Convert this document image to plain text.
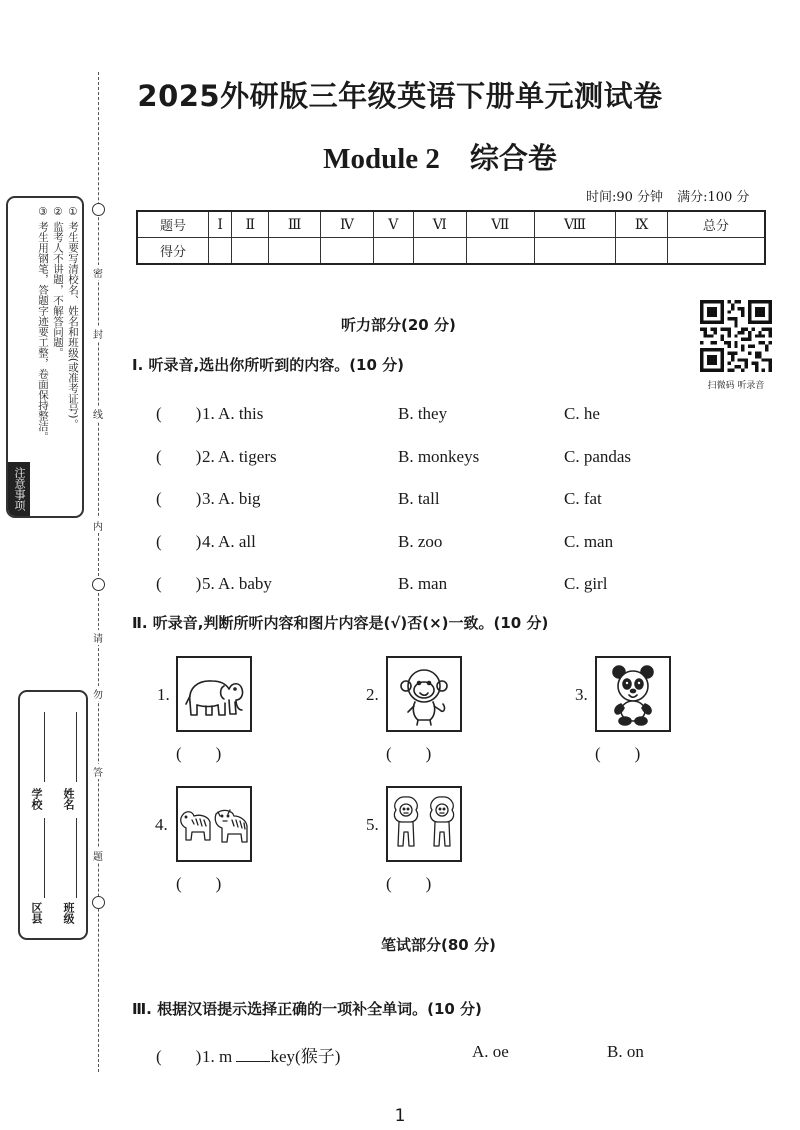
密
封
线
内
请
勿
答
题
① 考生要写清校名、姓名和班级(或准考证号)。
② 监考人不讲题，不解答问题。
③ 考生用钢笔，答题字迹要工整，卷面保持整洁。
注意事项
学校 姓名
区县 班级
2025外研版三年级英语下册单元测试卷
Module 2 综合卷
时间:90 分钟 满分:100 分
题号	Ⅰ	Ⅱ	Ⅲ	Ⅳ	Ⅴ	Ⅵ	Ⅶ	Ⅷ	Ⅸ	总分
得分										
听力部分(20 分)
扫微码 听录音
Ⅰ. 听录音,选出你所听到的内容。(10 分)
(　　)1. A. this	B. they	C. he
(　　)2. A. tigers	B. monkeys	C. pandas
(　　)3. A. big	B. tall	C. fat
(　　)4. A. all	B. zoo	C. man
(　　)5. A. baby	B. man	C. girl
Ⅱ. 听录音,判断所听内容和图片内容是(√)否(×)一致。(10 分)
1.
(　　)
2.
(　　)
3.
(　　)
4.
(　　)
5.
(　　)
笔试部分(80 分)
Ⅲ. 根据汉语提示选择正确的一项补全单词。(10 分)
(　　)1. m key(猴子)	A. oe	B. on
1
